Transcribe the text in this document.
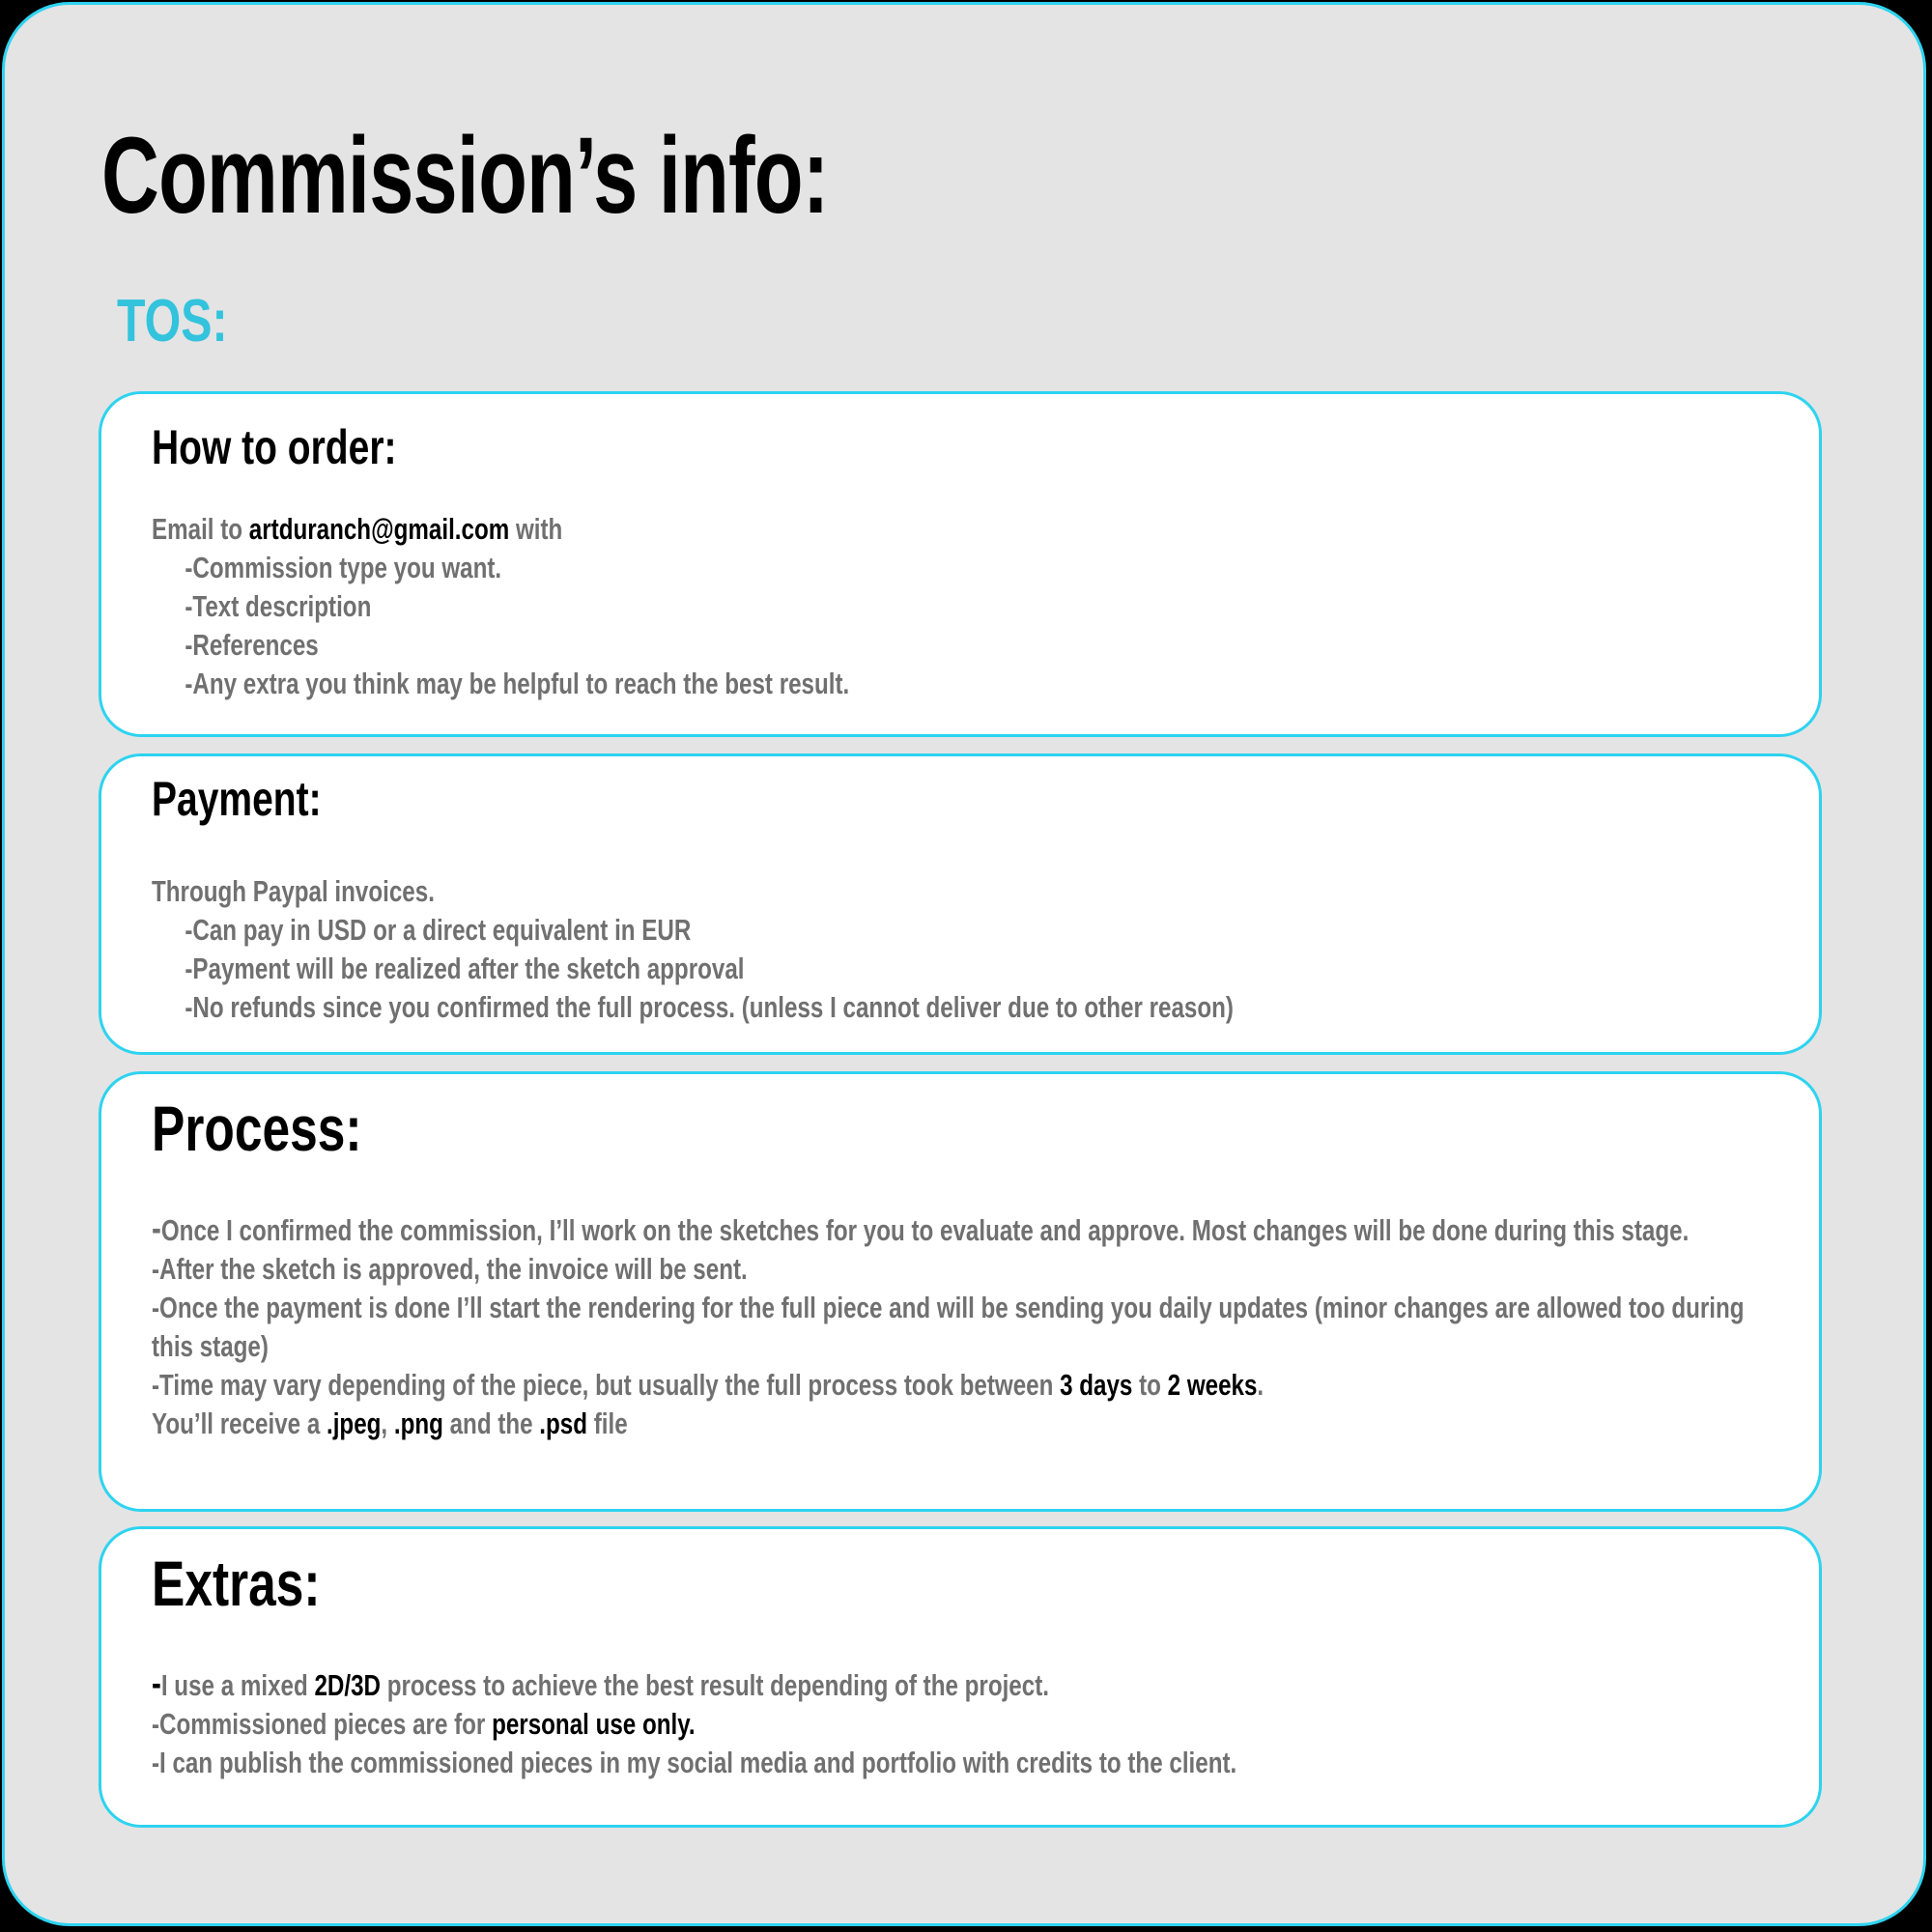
Commission’s info:
TOS:
How to order:

Email to artduranch@gmail.com with

-Commission type you want.

-Text description

-References

-Any extra you think may be helpful to reach the best result.

Payment:

Through Paypal invoices.

-Can pay in USD or a direct equivalent in EUR

-Payment will be realized after the sketch approval

-No refunds since you confirmed the full process. (unless I cannot deliver due to other reason)

Process:

-Once I confirmed the commission, I’ll work on the sketches for you to evaluate and approve. Most changes will be done during this stage.

-After the sketch is approved, the invoice will be sent.

-Once the payment is done I’ll start the rendering for the full piece and will be sending you daily updates (minor changes are allowed too during this stage)

-Time may vary depending of the piece, but usually the full process took between 3 days to 2 weeks.

You’ll receive a .jpeg, .png and the .psd file

Extras:

-I use a mixed 2D/3D process to achieve the best result depending of the project.

-Commissioned pieces are for personal use only.

-I can publish the commissioned pieces in my social media and portfolio with credits to the client.
